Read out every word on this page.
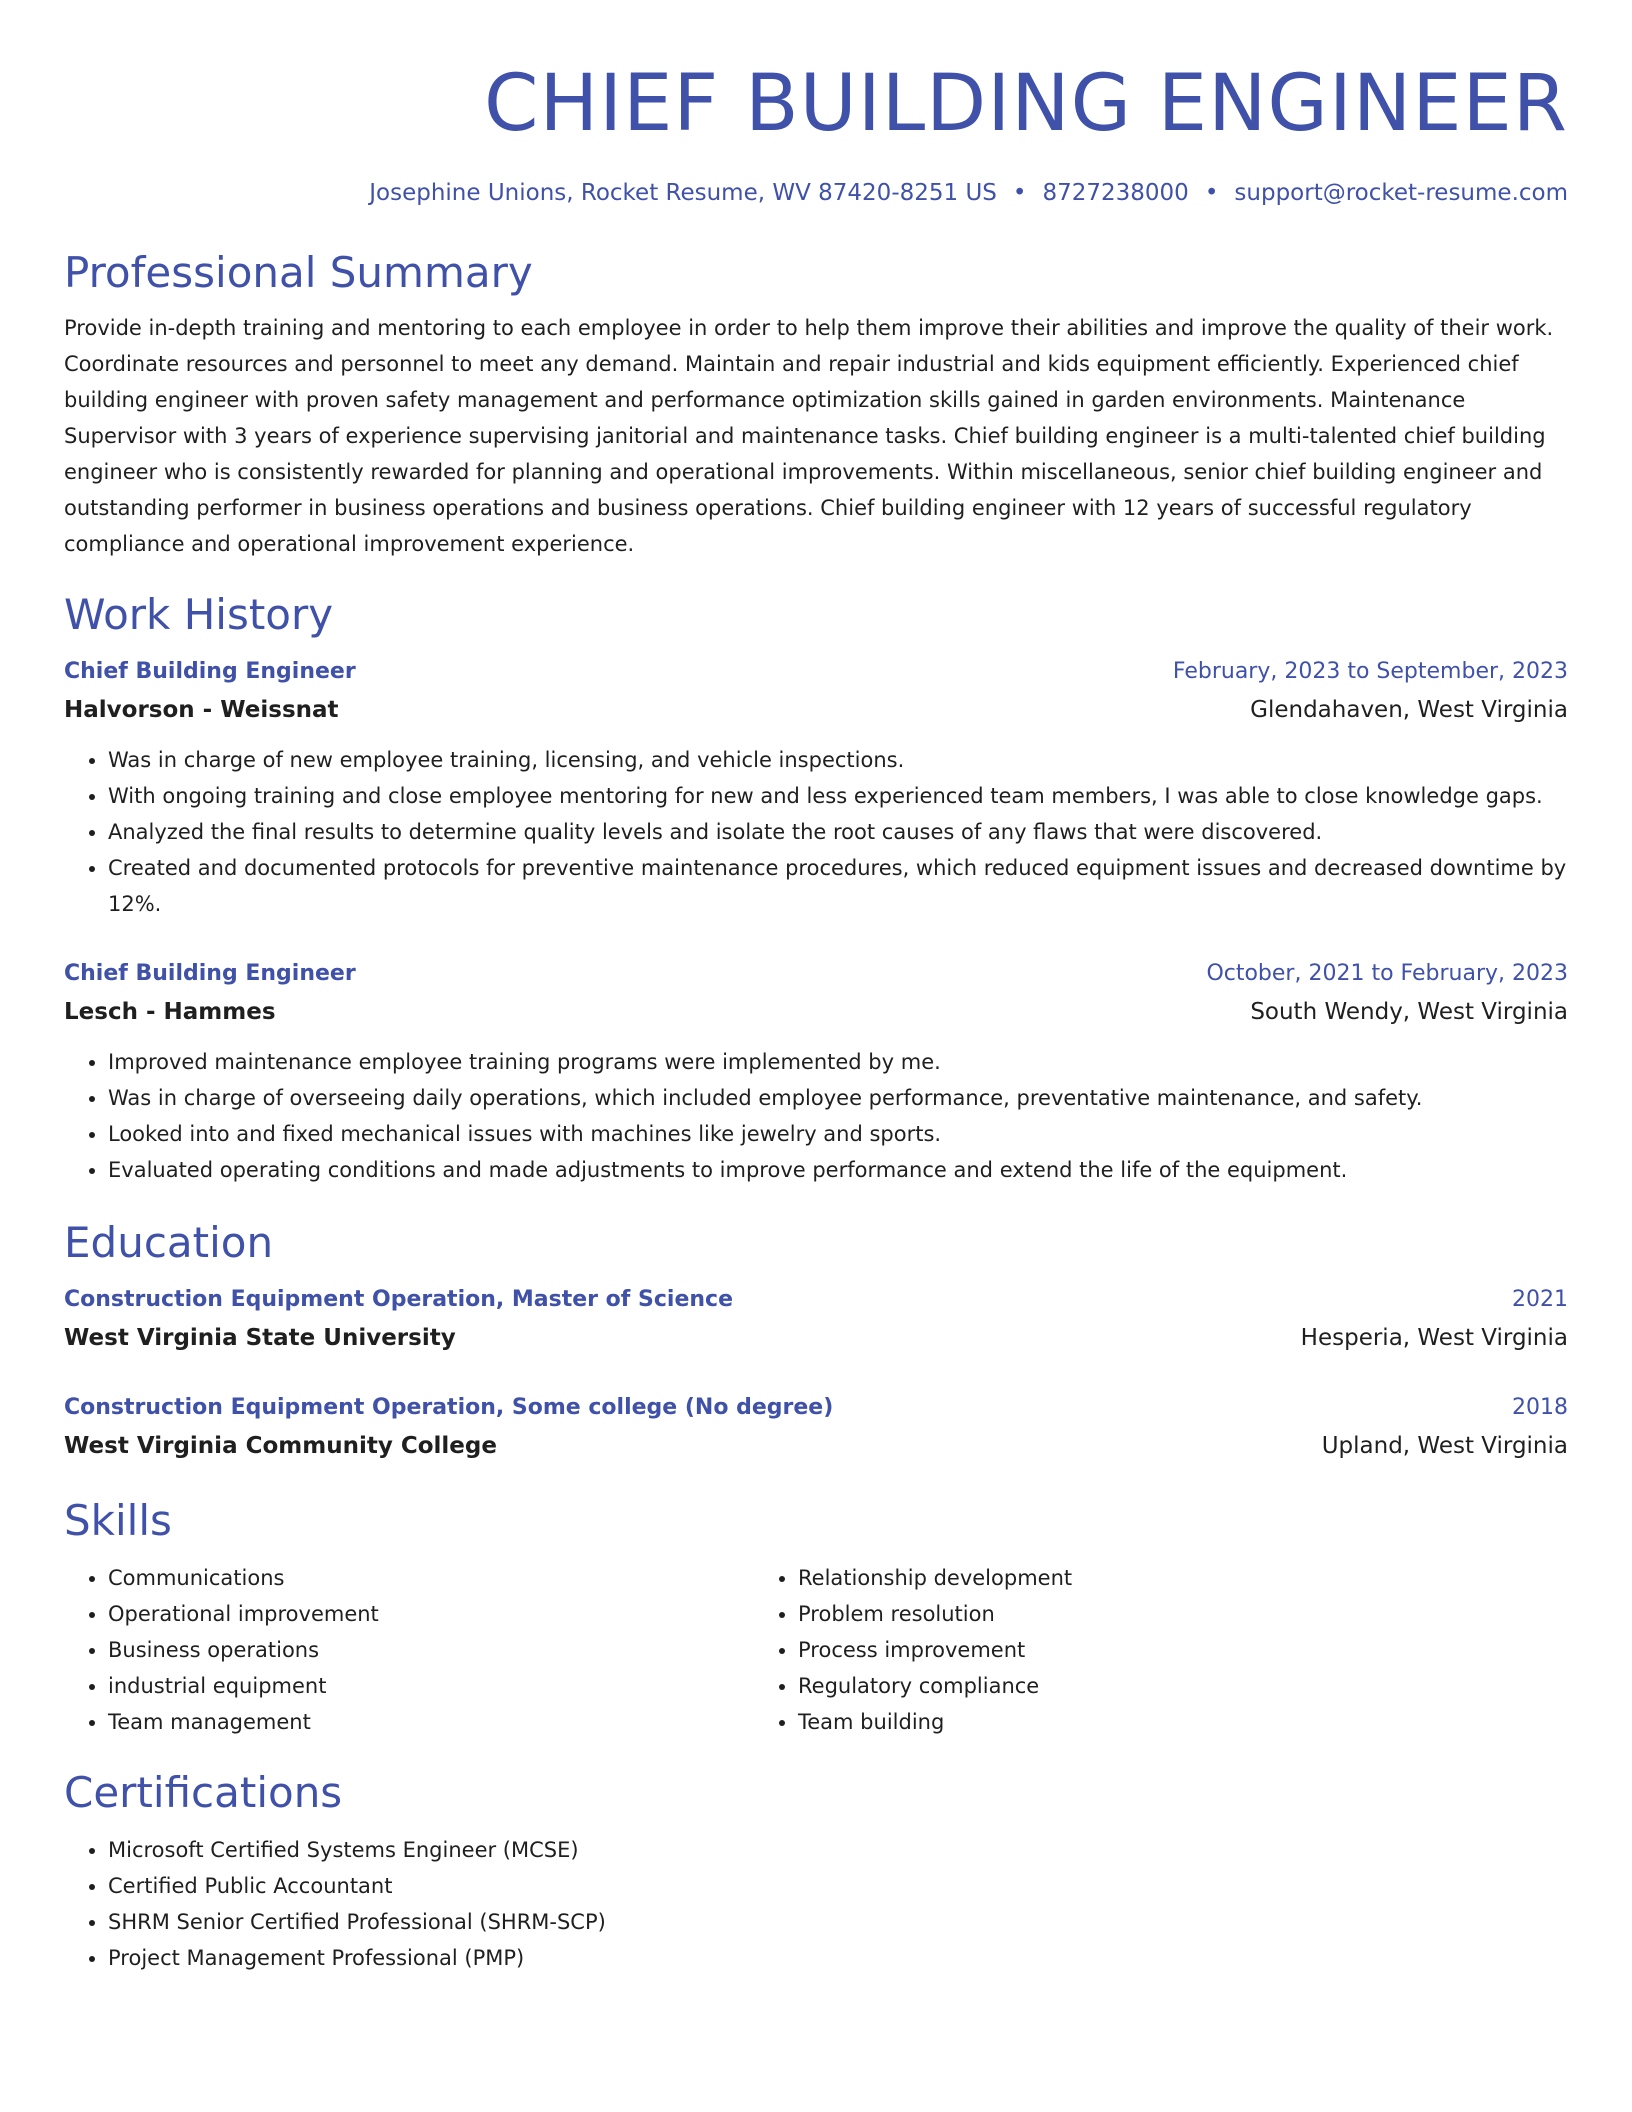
CHIEF BUILDING ENGINEER
Josephine Unions, Rocket Resume, WV 87420-8251 US • 8727238000 • support@rocket-resume.com
Professional Summary

Provide in-depth training and mentoring to each employee in order to help them improve their abilities and improve the quality of their work. Coordinate resources and personnel to meet any demand. Maintain and repair industrial and kids equipment efficiently. Experienced chief building engineer with proven safety management and performance optimization skills gained in garden environments. Maintenance Supervisor with 3 years of experience supervising janitorial and maintenance tasks. Chief building engineer is a multi-talented chief building engineer who is consistently rewarded for planning and operational improvements. Within miscellaneous, senior chief building engineer and outstanding performer in business operations and business operations. Chief building engineer with 12 years of successful regulatory compliance and operational improvement experience.

Work History
Chief Building Engineer	February, 2023 to September, 2023
Halvorson - Weissnat	Glendahaven, West Virginia
• Was in charge of new employee training, licensing, and vehicle inspections.
• With ongoing training and close employee mentoring for new and less experienced team members, I was able to close knowledge gaps.
• Analyzed the final results to determine quality levels and isolate the root causes of any flaws that were discovered.
• Created and documented protocols for preventive maintenance procedures, which reduced equipment issues and decreased downtime by 12%.
Chief Building Engineer	October, 2021 to February, 2023
Lesch - Hammes	South Wendy, West Virginia
• Improved maintenance employee training programs were implemented by me.
• Was in charge of overseeing daily operations, which included employee performance, preventative maintenance, and safety.
• Looked into and fixed mechanical issues with machines like jewelry and sports.
• Evaluated operating conditions and made adjustments to improve performance and extend the life of the equipment.
Education
Construction Equipment Operation, Master of Science	2021
West Virginia State University	Hesperia, West Virginia
Construction Equipment Operation, Some college (No degree)	2018
West Virginia Community College	Upland, West Virginia
Skills
• Communications
• Operational improvement
• Business operations
• industrial equipment
• Team management
• Relationship development
• Problem resolution
• Process improvement
• Regulatory compliance
• Team building
Certifications
• Microsoft Certified Systems Engineer (MCSE)
• Certified Public Accountant
• SHRM Senior Certified Professional (SHRM-SCP)
• Project Management Professional (PMP)
